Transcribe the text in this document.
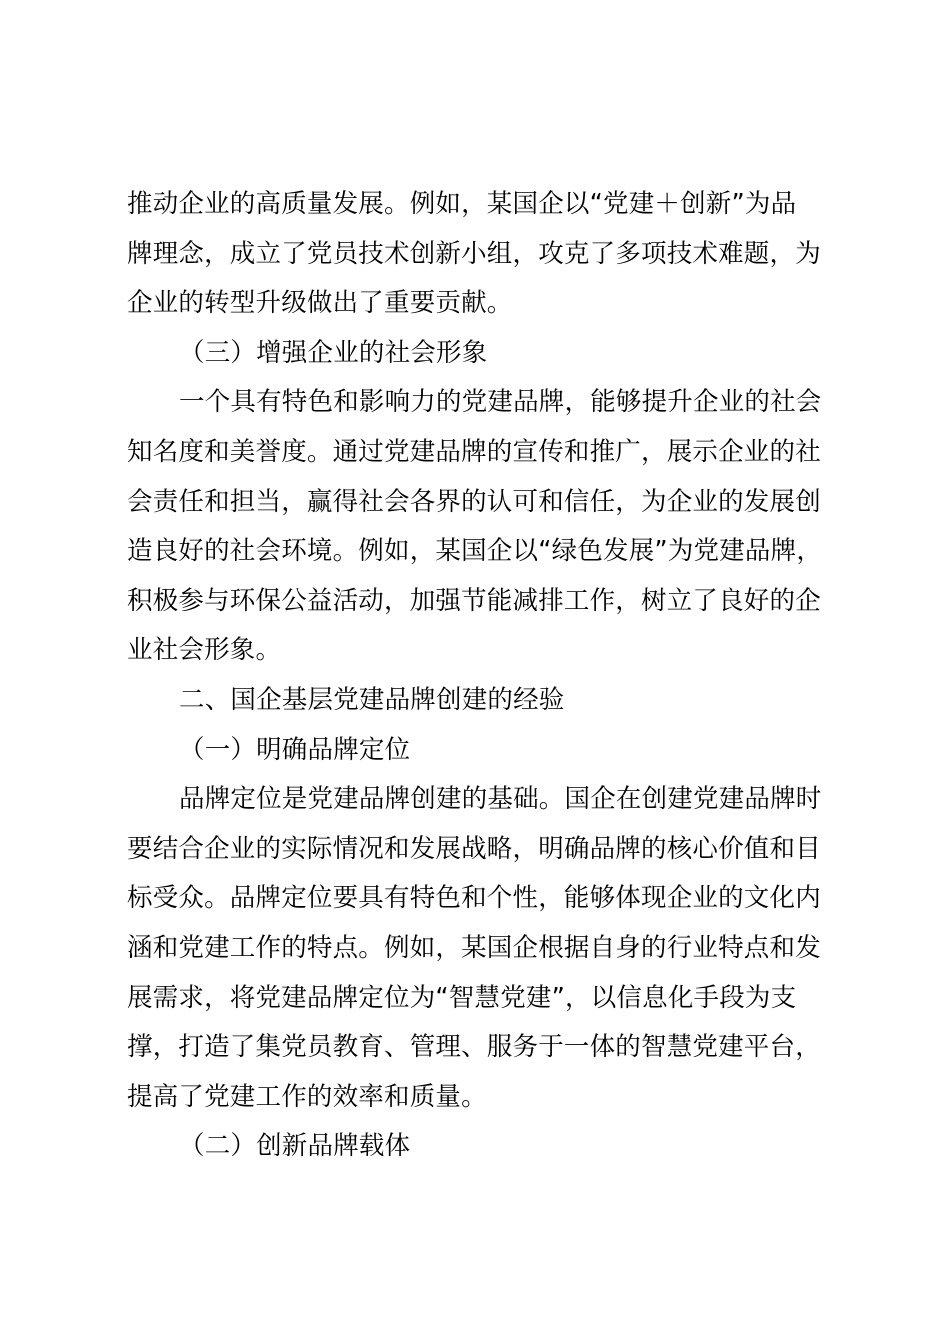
推动企业的高质量发展。例如，某国企以“党建＋创新”为品
牌理念，成立了党员技术创新小组，攻克了多项技术难题，为
企业的转型升级做出了重要贡献。
（三）增强企业的社会形象
一个具有特色和影响力的党建品牌，能够提升企业的社会
知名度和美誉度。通过党建品牌的宣传和推广，展示企业的社
会责任和担当，赢得社会各界的认可和信任，为企业的发展创
造良好的社会环境。例如，某国企以“绿色发展”为党建品牌，
积极参与环保公益活动，加强节能减排工作，树立了良好的企
业社会形象。
二、国企基层党建品牌创建的经验
（一）明确品牌定位
品牌定位是党建品牌创建的基础。国企在创建党建品牌时
要结合企业的实际情况和发展战略，明确品牌的核心价值和目
标受众。品牌定位要具有特色和个性，能够体现企业的文化内
涵和党建工作的特点。例如，某国企根据自身的行业特点和发
展需求，将党建品牌定位为“智慧党建”，以信息化手段为支
撑，打造了集党员教育、管理、服务于一体的智慧党建平台，
提高了党建工作的效率和质量。
（二）创新品牌载体
